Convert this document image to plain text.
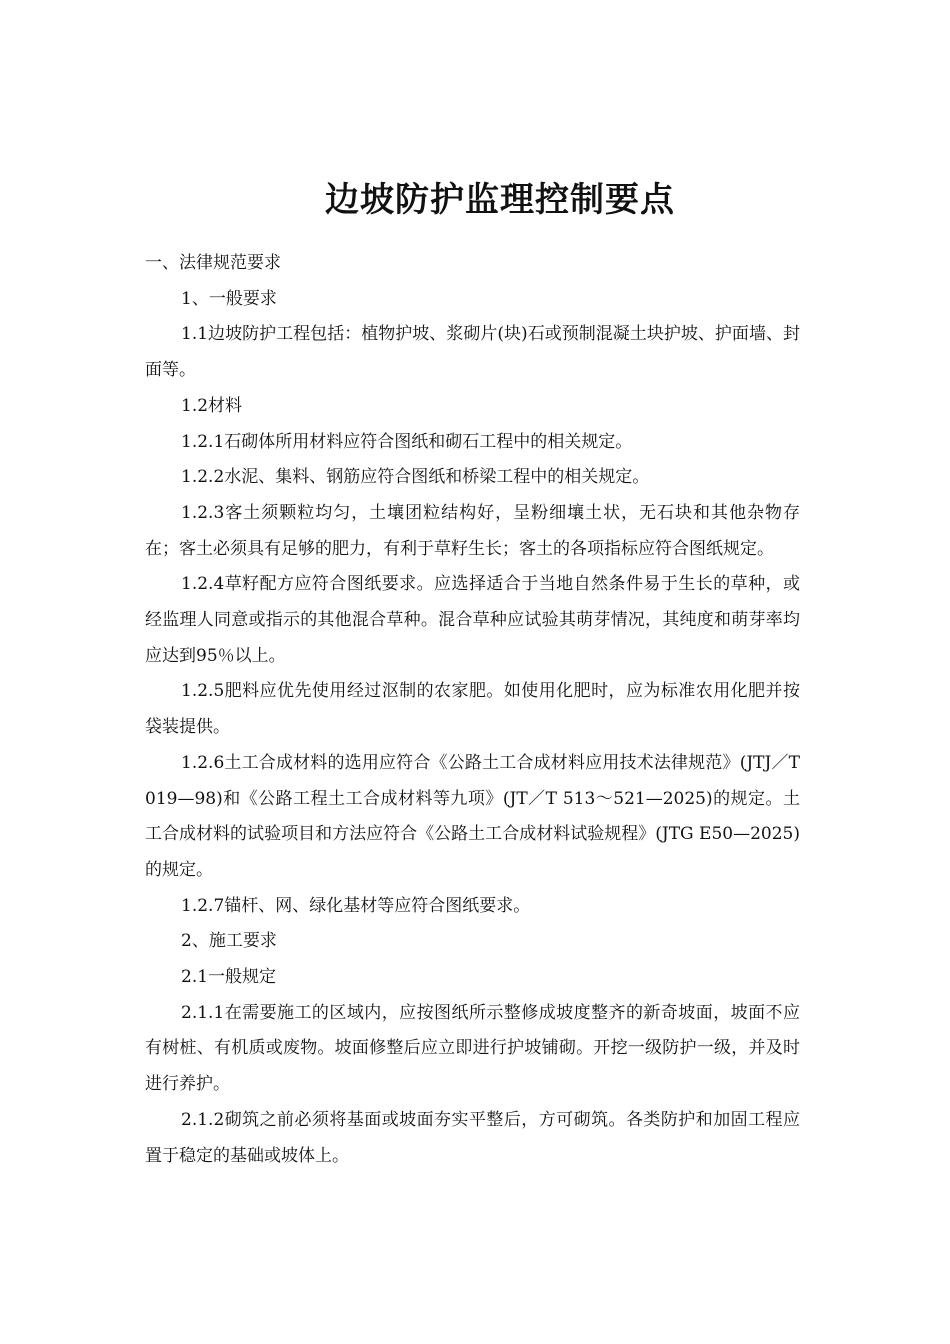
边坡防护监理控制要点

一、法律规范要求

1、一般要求

1.1边坡防护工程包括：植物护坡、浆砌片(块)石或预制混凝土块护坡、护面墙、封面等。

1.2材料

1.2.1石砌体所用材料应符合图纸和砌石工程中的相关规定。

1.2.2水泥、集料、钢筋应符合图纸和桥梁工程中的相关规定。

1.2.3客土须颗粒均匀，土壤团粒结构好，呈粉细壤土状，无石块和其他杂物存在；客土必须具有足够的肥力，有利于草籽生长；客土的各项指标应符合图纸规定。

1.2.4草籽配方应符合图纸要求。应选择适合于当地自然条件易于生长的草种，或经监理人同意或指示的其他混合草种。混合草种应试验其萌芽情况，其纯度和萌芽率均应达到95％以上。

1.2.5肥料应优先使用经过沤制的农家肥。如使用化肥时，应为标准农用化肥并按袋装提供。

1.2.6土工合成材料的选用应符合《公路土工合成材料应用技术法律规范》(JTJ／T 019—98)和《公路工程土工合成材料等九项》(JT／T 513～521—2025)的规定。土工合成材料的试验项目和方法应符合《公路土工合成材料试验规程》(JTG E50—2025)的规定。

1.2.7锚杆、网、绿化基材等应符合图纸要求。

2、施工要求

2.1一般规定

2.1.1在需要施工的区域内，应按图纸所示整修成坡度整齐的新奇坡面，坡面不应有树桩、有机质或废物。坡面修整后应立即进行护坡铺砌。开挖一级防护一级，并及时进行养护。

2.1.2砌筑之前必须将基面或坡面夯实平整后，方可砌筑。各类防护和加固工程应置于稳定的基础或坡体上。
